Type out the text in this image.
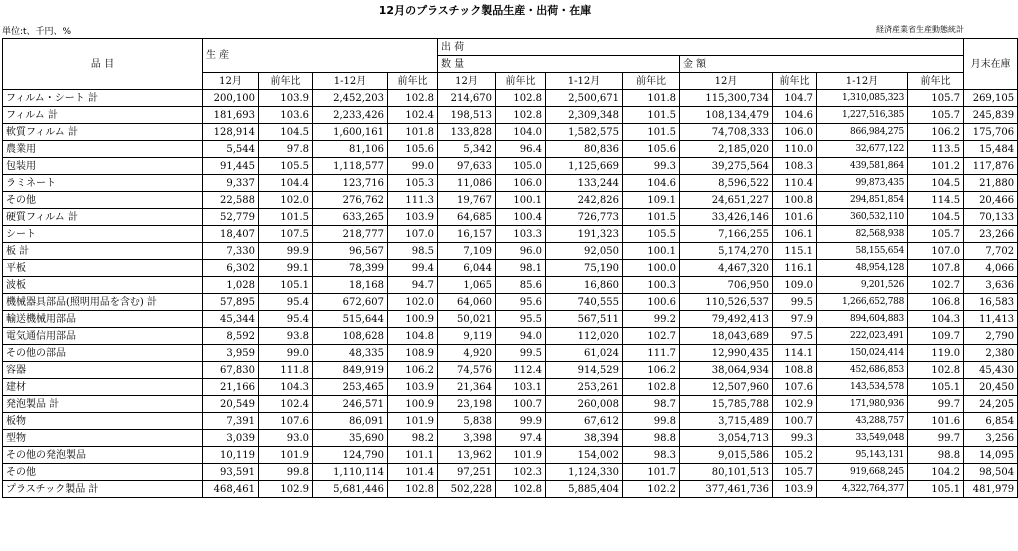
12月のプラスチック製品生産・出荷・在庫
単位:t、千円、%	経済産業省生産動態統計
品 目	生 産				出 荷								月末在庫
					数 量				金 額				
	12月	前年比	1-12月	前年比	12月	前年比	1-12月	前年比	12月	前年比	1-12月	前年比	
フィルム・シート 計	200,100	103.9	2,452,203	102.8	214,670	102.8	2,500,671	101.8	115,300,734	104.7	1,310,085,323	105.7	269,105
フィルム 計	181,693	103.6	2,233,426	102.4	198,513	102.8	2,309,348	101.5	108,134,479	104.6	1,227,516,385	105.7	245,839
軟質フィルム 計	128,914	104.5	1,600,161	101.8	133,828	104.0	1,582,575	101.5	74,708,333	106.0	866,984,275	106.2	175,706
農業用	5,544	97.8	81,106	105.6	5,342	96.4	80,836	105.6	2,185,020	110.0	32,677,122	113.5	15,484
包装用	91,445	105.5	1,118,577	99.0	97,633	105.0	1,125,669	99.3	39,275,564	108.3	439,581,864	101.2	117,876
ラミネート	9,337	104.4	123,716	105.3	11,086	106.0	133,244	104.6	8,596,522	110.4	99,873,435	104.5	21,880
その他	22,588	102.0	276,762	111.3	19,767	100.1	242,826	109.1	24,651,227	100.8	294,851,854	114.5	20,466
硬質フィルム 計	52,779	101.5	633,265	103.9	64,685	100.4	726,773	101.5	33,426,146	101.6	360,532,110	104.5	70,133
シート	18,407	107.5	218,777	107.0	16,157	103.3	191,323	105.5	7,166,255	106.1	82,568,938	105.7	23,266
板 計	7,330	99.9	96,567	98.5	7,109	96.0	92,050	100.1	5,174,270	115.1	58,155,654	107.0	7,702
平板	6,302	99.1	78,399	99.4	6,044	98.1	75,190	100.0	4,467,320	116.1	48,954,128	107.8	4,066
波板	1,028	105.1	18,168	94.7	1,065	85.6	16,860	100.3	706,950	109.0	9,201,526	102.7	3,636
機械器具部品(照明用品を含む) 計	57,895	95.4	672,607	102.0	64,060	95.6	740,555	100.6	110,526,537	99.5	1,266,652,788	106.8	16,583
輸送機械用部品	45,344	95.4	515,644	100.9	50,021	95.5	567,511	99.2	79,492,413	97.9	894,604,883	104.3	11,413
電気通信用部品	8,592	93.8	108,628	104.8	9,119	94.0	112,020	102.7	18,043,689	97.5	222,023,491	109.7	2,790
その他の部品	3,959	99.0	48,335	108.9	4,920	99.5	61,024	111.7	12,990,435	114.1	150,024,414	119.0	2,380
容器	67,830	111.8	849,919	106.2	74,576	112.4	914,529	106.2	38,064,934	108.8	452,686,853	102.8	45,430
建材	21,166	104.3	253,465	103.9	21,364	103.1	253,261	102.8	12,507,960	107.6	143,534,578	105.1	20,450
発泡製品 計	20,549	102.4	246,571	100.9	23,198	100.7	260,008	98.7	15,785,788	102.9	171,980,936	99.7	24,205
板物	7,391	107.6	86,091	101.9	5,838	99.9	67,612	99.8	3,715,489	100.7	43,288,757	101.6	6,854
型物	3,039	93.0	35,690	98.2	3,398	97.4	38,394	98.8	3,054,713	99.3	33,549,048	99.7	3,256
その他の発泡製品	10,119	101.9	124,790	101.1	13,962	101.9	154,002	98.3	9,015,586	105.2	95,143,131	98.8	14,095
その他	93,591	99.8	1,110,114	101.4	97,251	102.3	1,124,330	101.7	80,101,513	105.7	919,668,245	104.2	98,504
プラスチック製品 計	468,461	102.9	5,681,446	102.8	502,228	102.8	5,885,404	102.2	377,461,736	103.9	4,322,764,377	105.1	481,979
